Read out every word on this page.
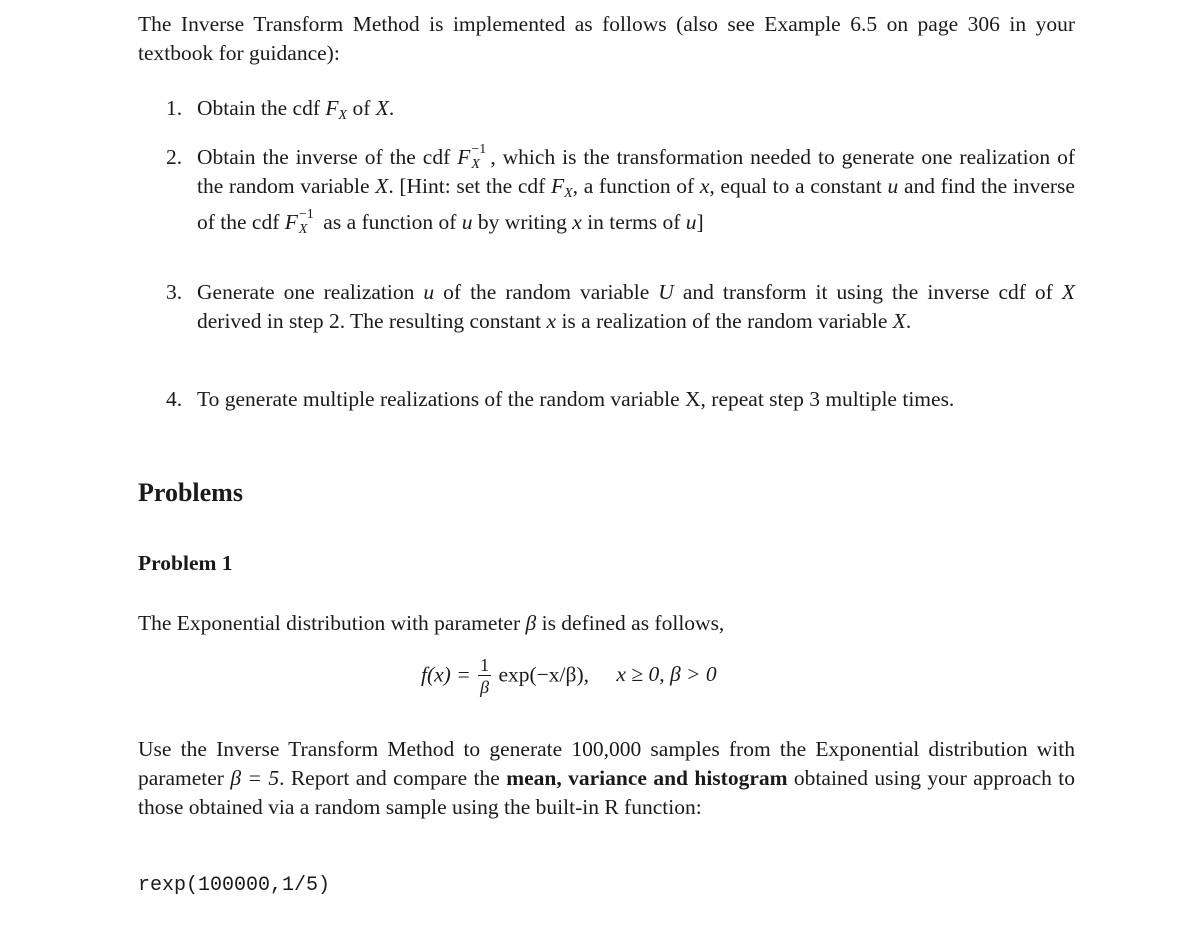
The Inverse Transform Method is implemented as follows (also see Example 6.5 on page 306 in your textbook for guidance):
1. Obtain the cdf $F_X$ of X.
2. Obtain the inverse of the cdf F −1
X , which is the transformation needed to generate one realization of the random variable X. [Hint: set the cdf $F_X$, a function of x, equal to a constant u and find the inverse of the cdf F −1
X as a function of u by writing x in terms of u]
3. Generate one realization u of the random variable U and transform it using the inverse cdf of X derived in step 2. The resulting constant x is a realization of the random variable X.
4. To generate multiple realizations of the random variable X, repeat step 3 multiple times.
Problems
Problem 1
The Exponential distribution with parameter β is defined as follows,
$f(x) = \frac{1}{\beta} \exp(-x/\beta)$, x ≥ 0, β > 0
Use the Inverse Transform Method to generate 100,000 samples from the Exponential distribution with parameter β = 5. Report and compare the mean, variance and histogram obtained using your approach to those obtained via a random sample using the built-in R function:
rexp(100000,1/5)
